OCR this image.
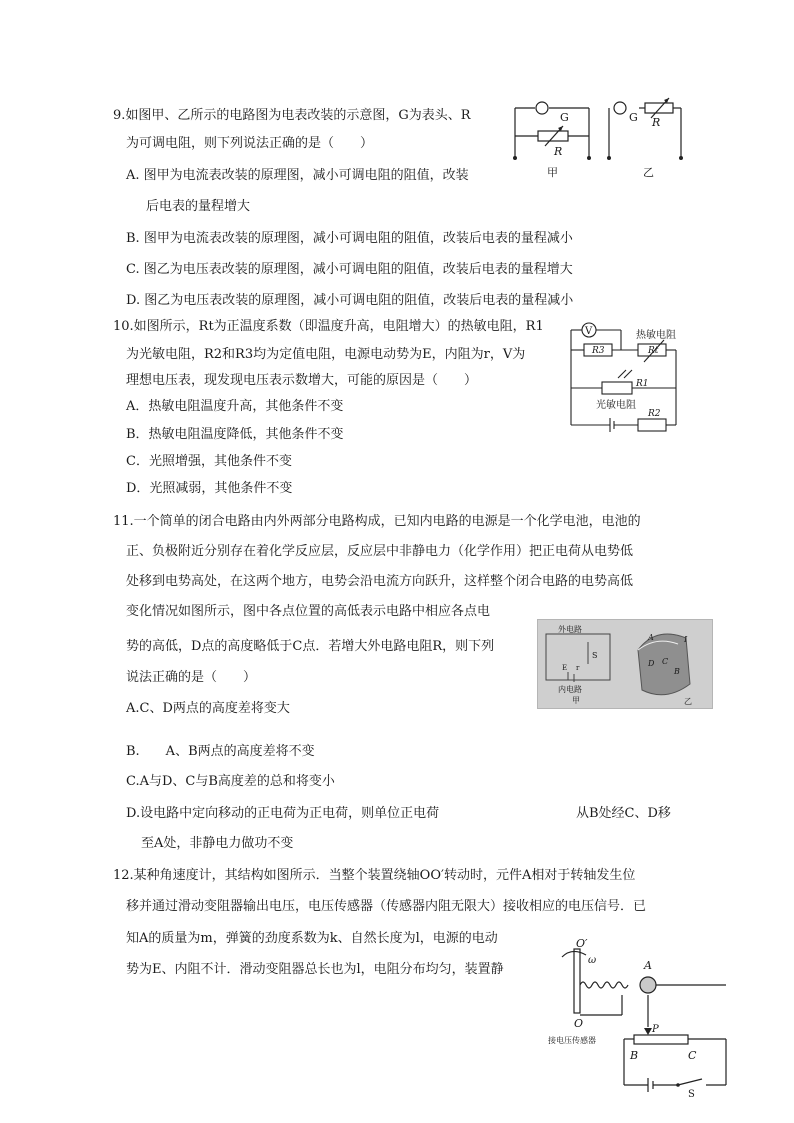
9.如图甲、乙所示的电路图为电表改装的示意图，G为表头、R
为可调电阻，则下列说法正确的是（　　）
A. 图甲为电流表改装的原理图，减小可调电阻的阻值，改装
后电表的量程增大
B. 图甲为电流表改装的原理图，减小可调电阻的阻值，改装后电表的量程减小
C. 图乙为电压表改装的原理图，减小可调电阻的阻值，改装后电表的量程增大
D. 图乙为电压表改装的原理图，减小可调电阻的阻值，改装后电表的量程减小
G
R
G R
甲	乙
10.如图所示，Rt为正温度系数（即温度升高，电阻增大）的热敏电阻，R1
为光敏电阻，R2和R3均为定值电阻，电源电动势为E，内阻为r，V为
理想电压表，现发现电压表示数增大，可能的原因是（　　）
A．热敏电阻温度升高，其他条件不变
B．热敏电阻温度降低，其他条件不变
C．光照增强，其他条件不变
D．光照减弱，其他条件不变
V	热敏电阻
R3	Rt
R1
光敏电阻
R2
11.一个简单的闭合电路由内外两部分电路构成，已知内电路的电源是一个化学电池，电池的
正、负极附近分别存在着化学反应层，反应层中非静电力（化学作用）把正电荷从电势低
处移到电势高处，在这两个地方，电势会沿电流方向跃升，这样整个闭合电路的电势高低
变化情况如图所示，图中各点位置的高低表示电路中相应各点电
势的高低，D点的高度略低于C点．若增大外电路电阻R，则下列
说法正确的是（　　）
A.C、D两点的高度差将变大
B.　　A、B两点的高度差将不变
C.A与D、C与B高度差的总和将变小
D.设电路中定向移动的正电荷为正电荷，则单位正电荷	从B处经C、D移
至A处，非静电力做功不变
外电路
S
E r
内电路
甲
A	I
D C
B
乙
12.某种角速度计，其结构如图所示．当整个装置绕轴OO′转动时，元件A相对于转轴发生位
移并通过滑动变阻器输出电压，电压传感器（传感器内阻无限大）接收相应的电压信号．已
知A的质量为m，弹簧的劲度系数为k、自然长度为l，电源的电动
势为E、内阻不计．滑动变阻器总长也为l，电阻分布均匀，装置静
O′
ω	A
O	P
接电压传感器
B	C
S
